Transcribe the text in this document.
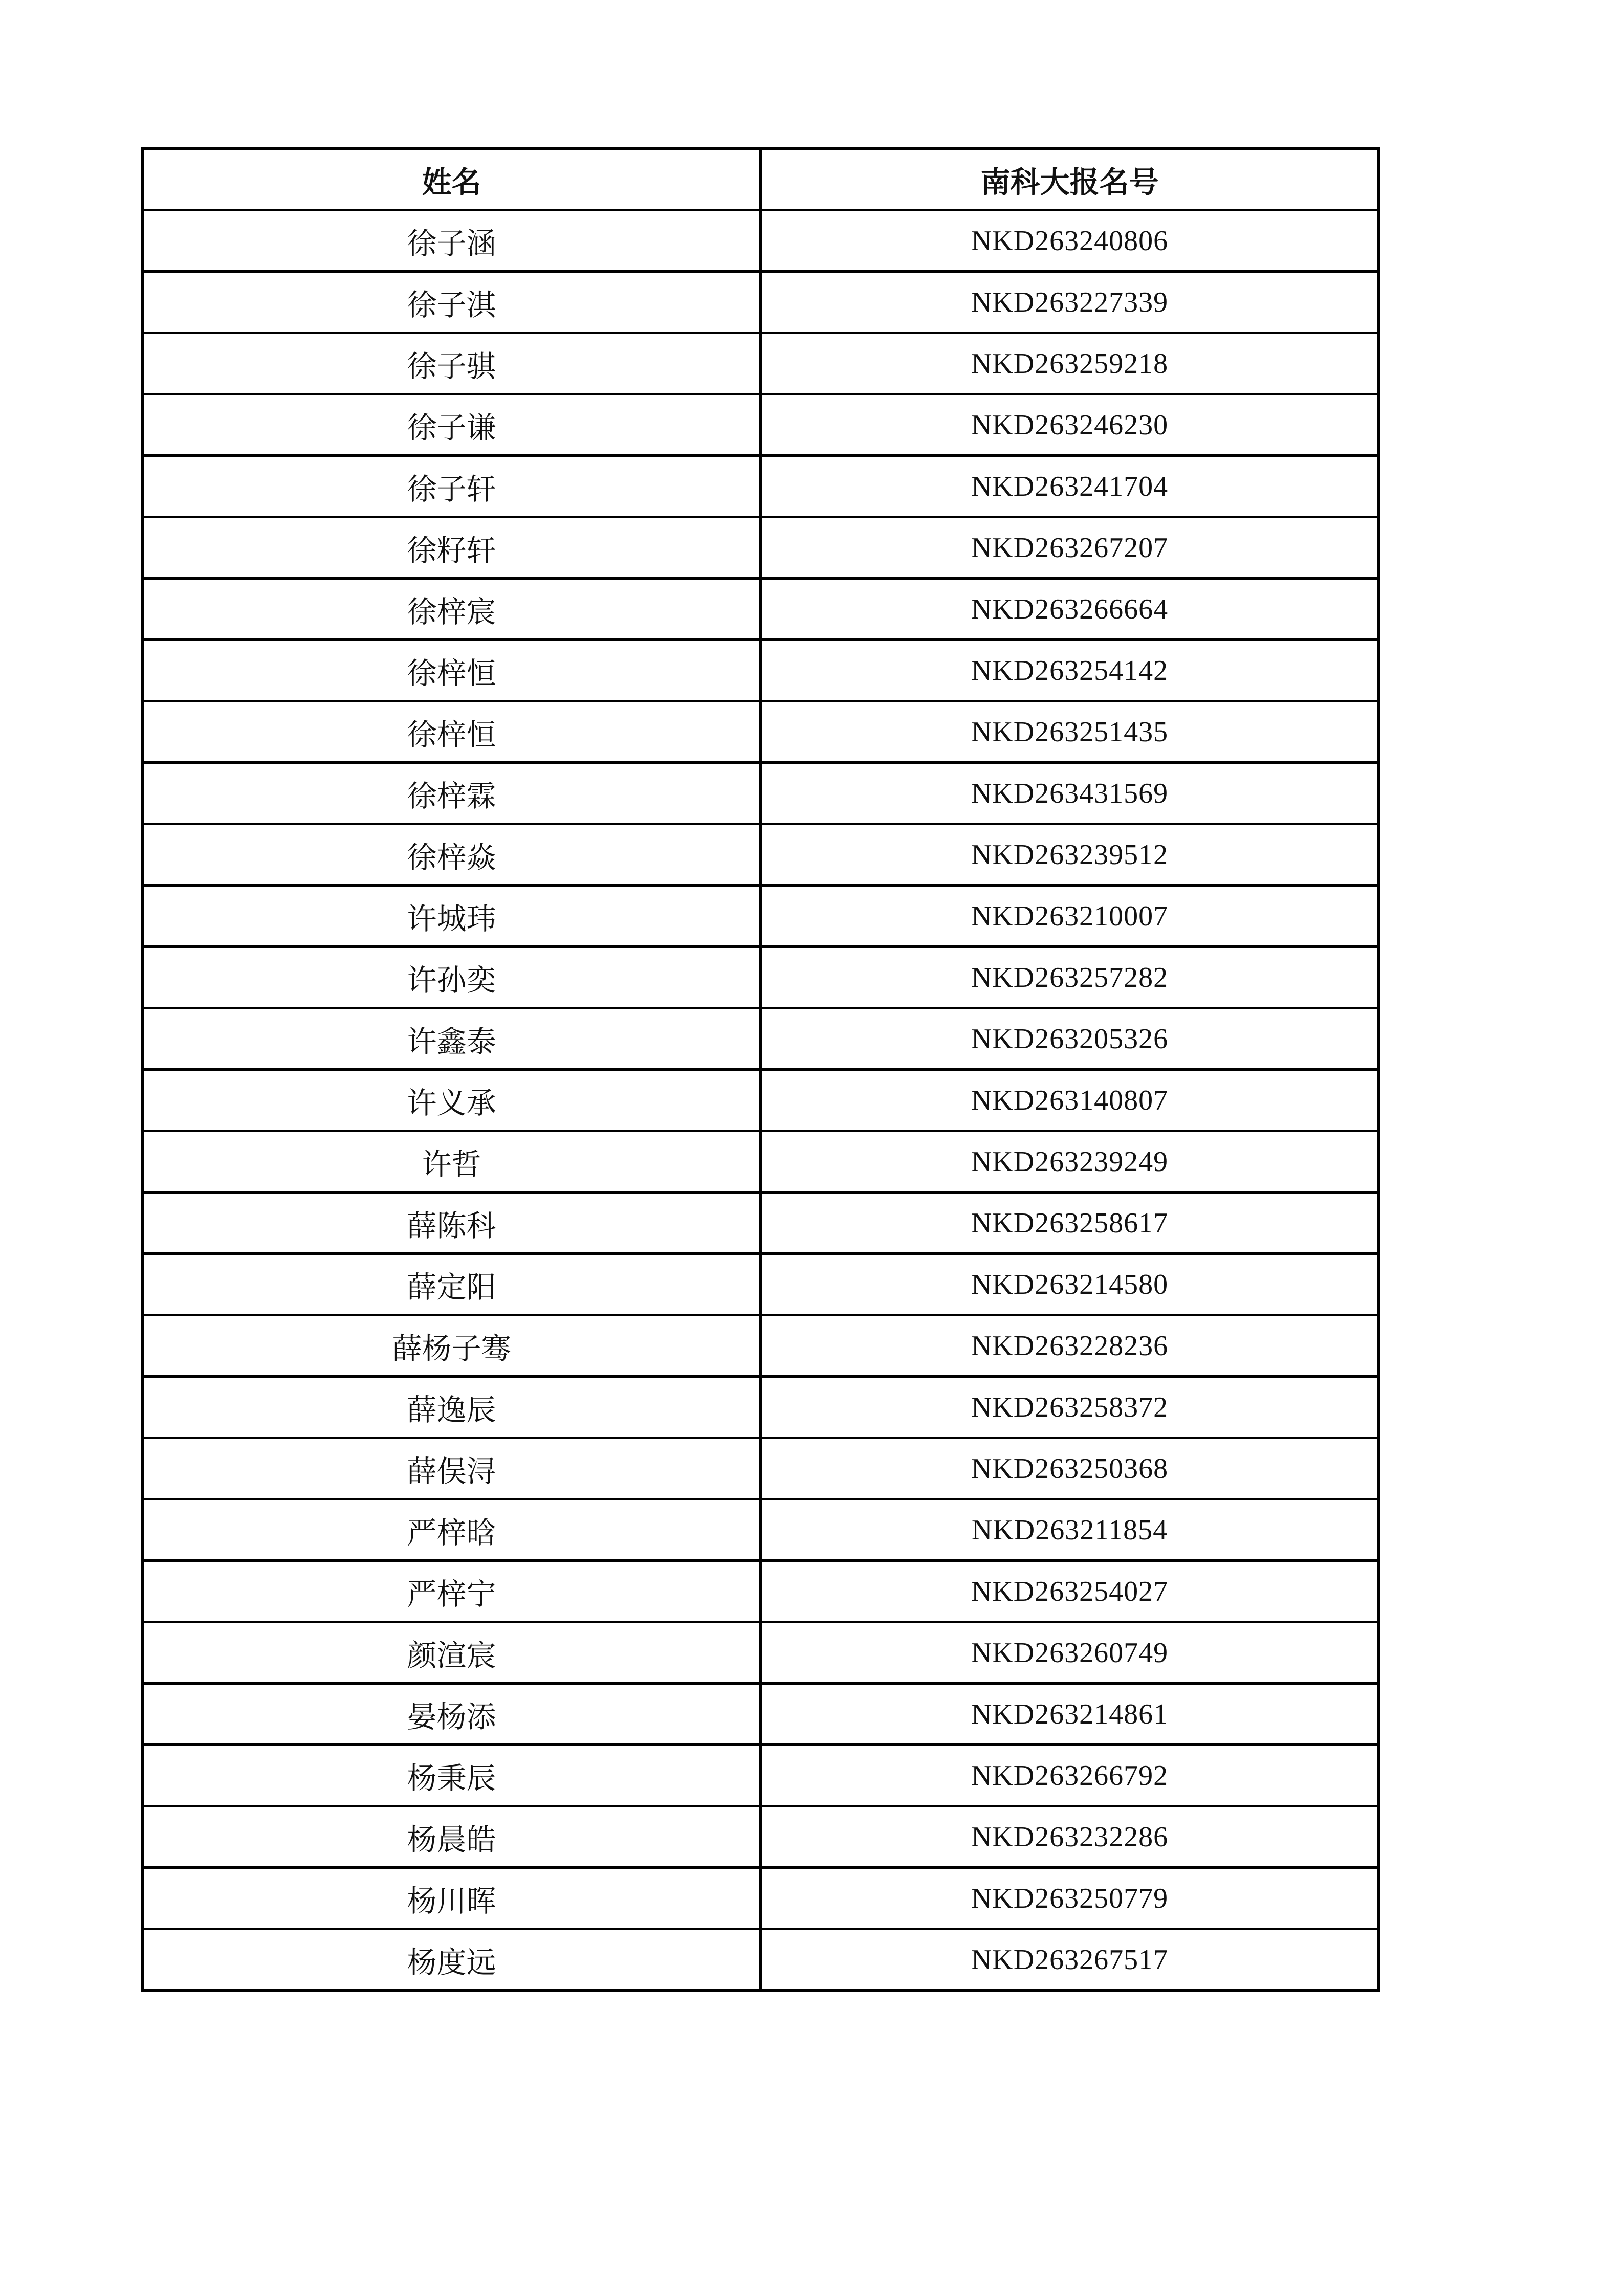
姓名	南科大报名号
徐子涵	NKD263240806
徐子淇	NKD263227339
徐子骐	NKD263259218
徐子谦	NKD263246230
徐子轩	NKD263241704
徐籽轩	NKD263267207
徐梓宸	NKD263266664
徐梓恒	NKD263254142
徐梓恒	NKD263251435
徐梓霖	NKD263431569
徐梓焱	NKD263239512
许城玮	NKD263210007
许孙奕	NKD263257282
许鑫泰	NKD263205326
许义承	NKD263140807
许哲	NKD263239249
薛陈科	NKD263258617
薛定阳	NKD263214580
薛杨子骞	NKD263228236
薛逸辰	NKD263258372
薛俣浔	NKD263250368
严梓晗	NKD263211854
严梓宁	NKD263254027
颜渲宸	NKD263260749
晏杨添	NKD263214861
杨秉辰	NKD263266792
杨晨皓	NKD263232286
杨川晖	NKD263250779
杨度远	NKD263267517
